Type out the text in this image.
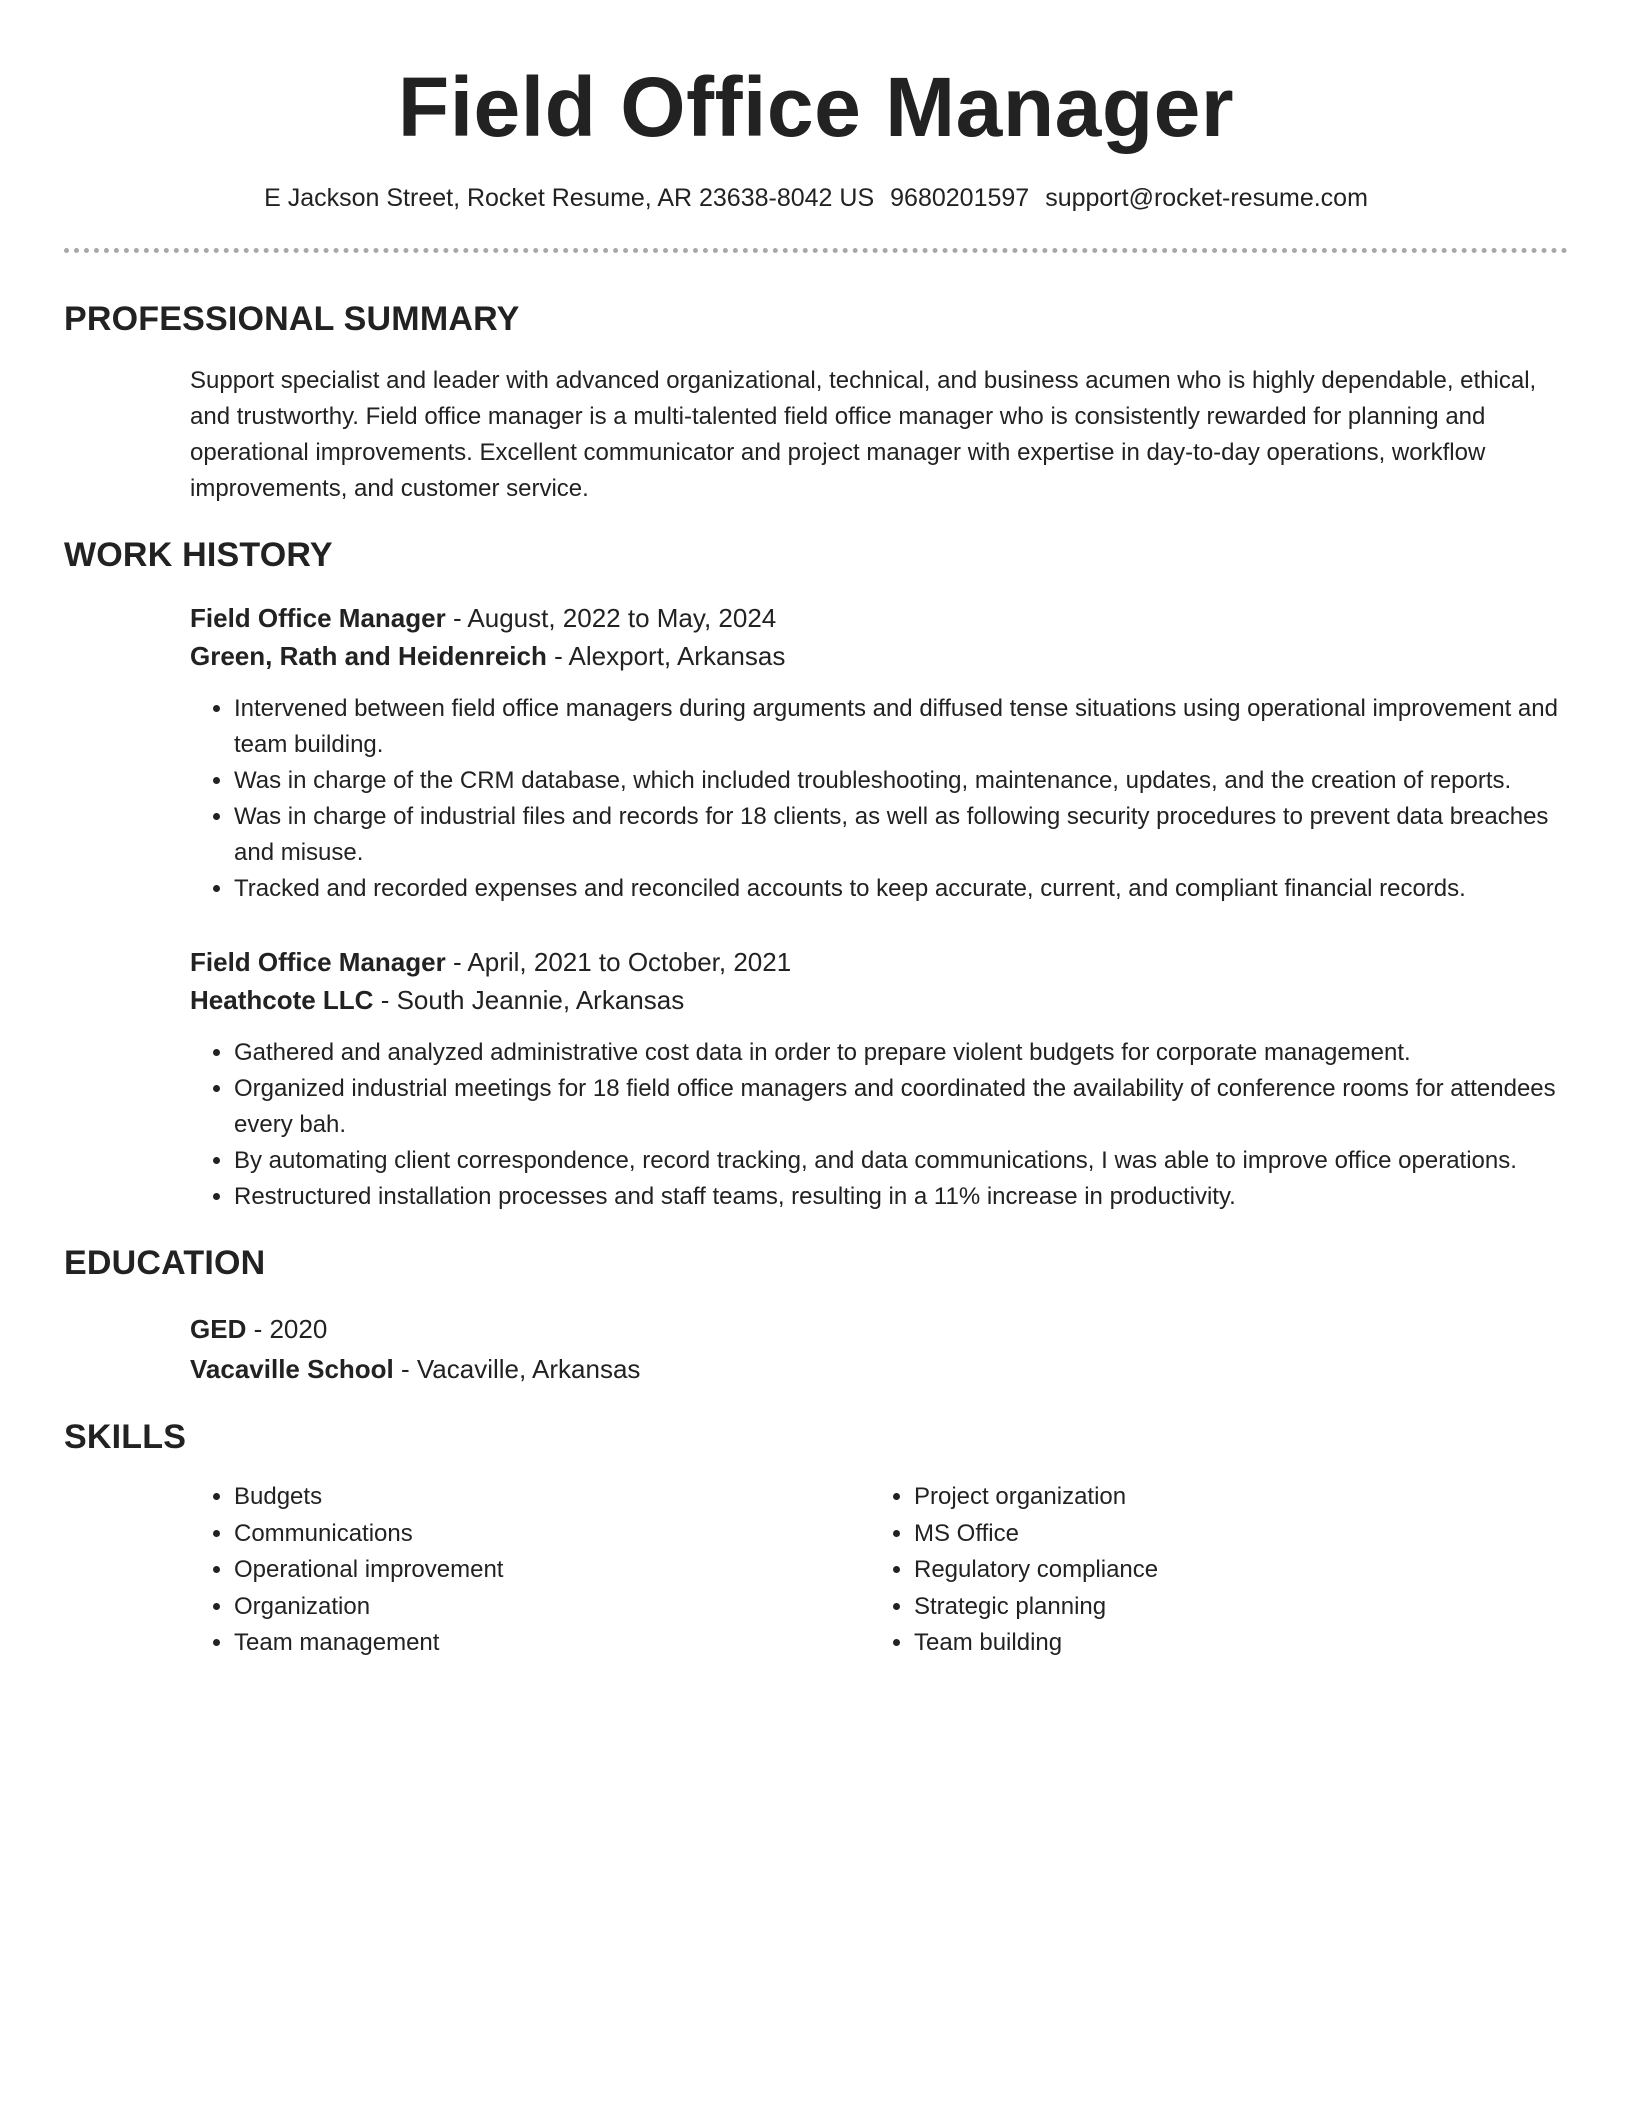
Field Office Manager
E Jackson Street, Rocket Resume, AR 23638-8042 US 9680201597 support@rocket-resume.com
PROFESSIONAL SUMMARY
Support specialist and leader with advanced organizational, technical, and business acumen who is highly dependable, ethical, and trustworthy. Field office manager is a multi-talented field office manager who is consistently rewarded for planning and operational improvements. Excellent communicator and project manager with expertise in day-to-day operations, workflow improvements, and customer service.
WORK HISTORY
Field Office Manager - August, 2022 to May, 2024
Green, Rath and Heidenreich - Alexport, Arkansas
• Intervened between field office managers during arguments and diffused tense situations using operational improvement and team building.
• Was in charge of the CRM database, which included troubleshooting, maintenance, updates, and the creation of reports.
• Was in charge of industrial files and records for 18 clients, as well as following security procedures to prevent data breaches and misuse.
• Tracked and recorded expenses and reconciled accounts to keep accurate, current, and compliant financial records.
Field Office Manager - April, 2021 to October, 2021
Heathcote LLC - South Jeannie, Arkansas
• Gathered and analyzed administrative cost data in order to prepare violent budgets for corporate management.
• Organized industrial meetings for 18 field office managers and coordinated the availability of conference rooms for attendees every bah.
• By automating client correspondence, record tracking, and data communications, I was able to improve office operations.
• Restructured installation processes and staff teams, resulting in a 11% increase in productivity.
EDUCATION
GED - 2020
Vacaville School - Vacaville, Arkansas
SKILLS
• Budgets
• Communications
• Operational improvement
• Organization
• Team management
• Project organization
• MS Office
• Regulatory compliance
• Strategic planning
• Team building
